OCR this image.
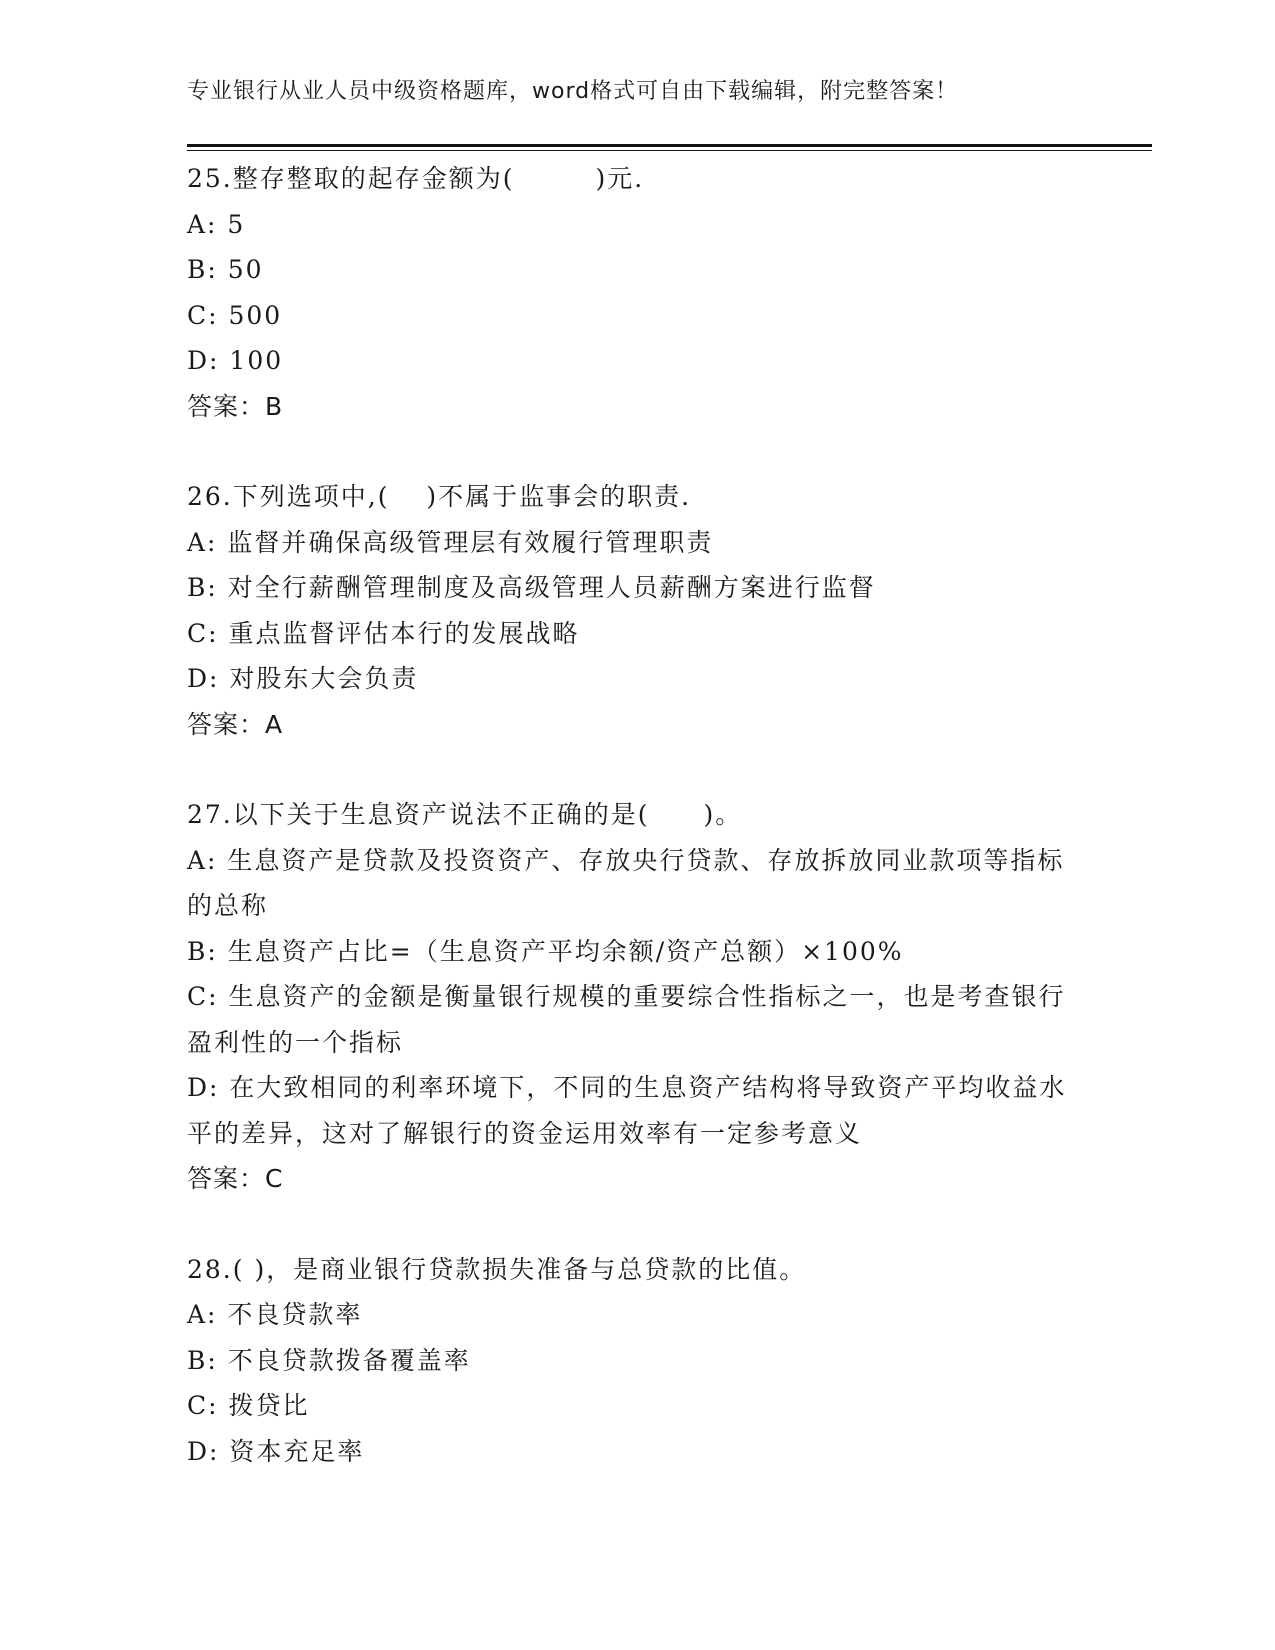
专业银行从业人员中级资格题库，word格式可自由下载编辑，附完整答案！

25.整存整取的起存金额为(　　　)元.

A: 5

B: 50

C: 500

D: 100

答案：B

26.下列选项中,(　 )不属于监事会的职责.

A: 监督并确保高级管理层有效履行管理职责

B: 对全行薪酬管理制度及高级管理人员薪酬方案进行监督

C: 重点监督评估本行的发展战略

D: 对股东大会负责

答案：A

27.以下关于生息资产说法不正确的是(　　)。

A: 生息资产是贷款及投资资产、存放央行贷款、存放拆放同业款项等指标的总称

B: 生息资产占比=（生息资产平均余额/资产总额）×100%

C: 生息资产的金额是衡量银行规模的重要综合性指标之一，也是考查银行盈利性的一个指标

D: 在大致相同的利率环境下，不同的生息资产结构将导致资产平均收益水平的差异，这对了解银行的资金运用效率有一定参考意义

答案：C

28.( )，是商业银行贷款损失准备与总贷款的比值。

A: 不良贷款率

B: 不良贷款拨备覆盖率

C: 拨贷比

D: 资本充足率
